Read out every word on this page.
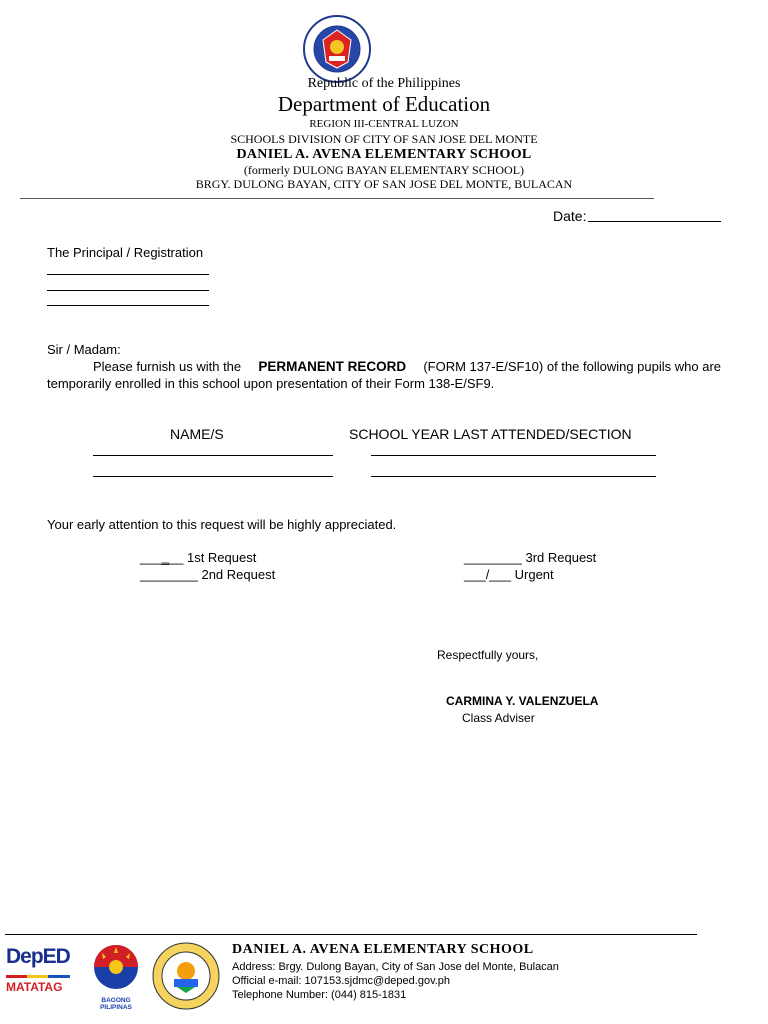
Republic of the Philippines
Department of Education
REGION III-CENTRAL LUZON
SCHOOLS DIVISION OF CITY OF SAN JOSE DEL MONTE
DANIEL A. AVENA ELEMENTARY SCHOOL
(formerly DULONG BAYAN ELEMENTARY SCHOOL)
BRGY. DULONG BAYAN, CITY OF SAN JOSE DEL MONTE, BULACAN
Date:
The Principal / Registration
Sir / Madam:
Please furnish us with the PERMANENT RECORD (FORM 137-E/SF10) of the following pupils who are
temporarily enrolled in this school upon presentation of their Form 138-E/SF9.
NAME/S	SCHOOL YEAR LAST ATTENDED/SECTION
Your early attention to this request will be highly appreciated.
___‗__ 1st Request
________ 2nd Request
________ 3rd Request
___/___ Urgent
Respectfully yours,
CARMINA Y. VALENZUELA
Class Adviser
DepED
MATATAG
BAGONG PILIPINAS
DANIEL A. AVENA ELEMENTARY SCHOOL
Address: Brgy. Dulong Bayan, City of San Jose del Monte, Bulacan
Official e-mail: 107153.sjdmc@deped.gov.ph
Telephone Number: (044) 815-1831
